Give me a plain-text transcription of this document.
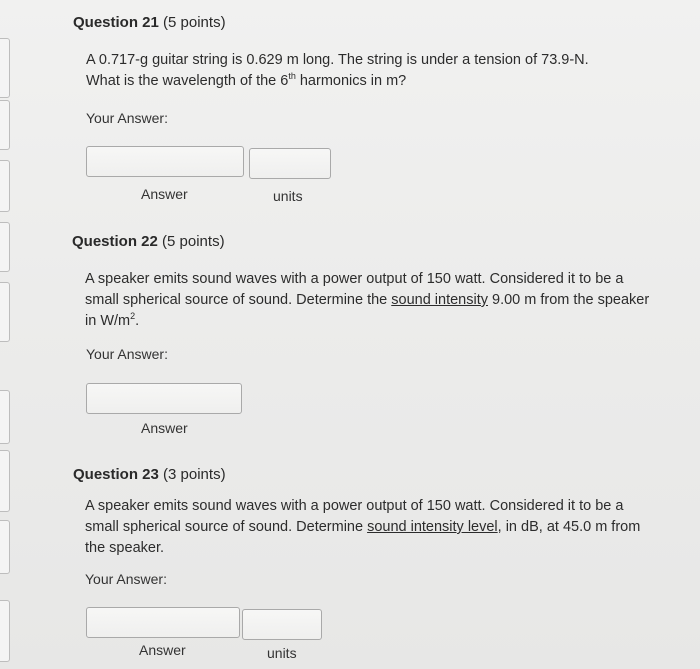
Question 21 (5 points)
A 0.717-g guitar string is 0.629 m long. The string is under a tension of 73.9-N.
What is the wavelength of the 6th harmonics in m?
Your Answer:
Answer	units
Question 22 (5 points)
A speaker emits sound waves with a power output of 150 watt. Considered it to be a small spherical source of sound. Determine the sound intensity 9.00 m from the speaker in $W/m^2$.
Your Answer:
Answer
Question 23 (3 points)
A speaker emits sound waves with a power output of 150 watt. Considered it to be a small spherical source of sound. Determine sound intensity level, in dB, at 45.0 m from the speaker.
Your Answer:
Answer	units
